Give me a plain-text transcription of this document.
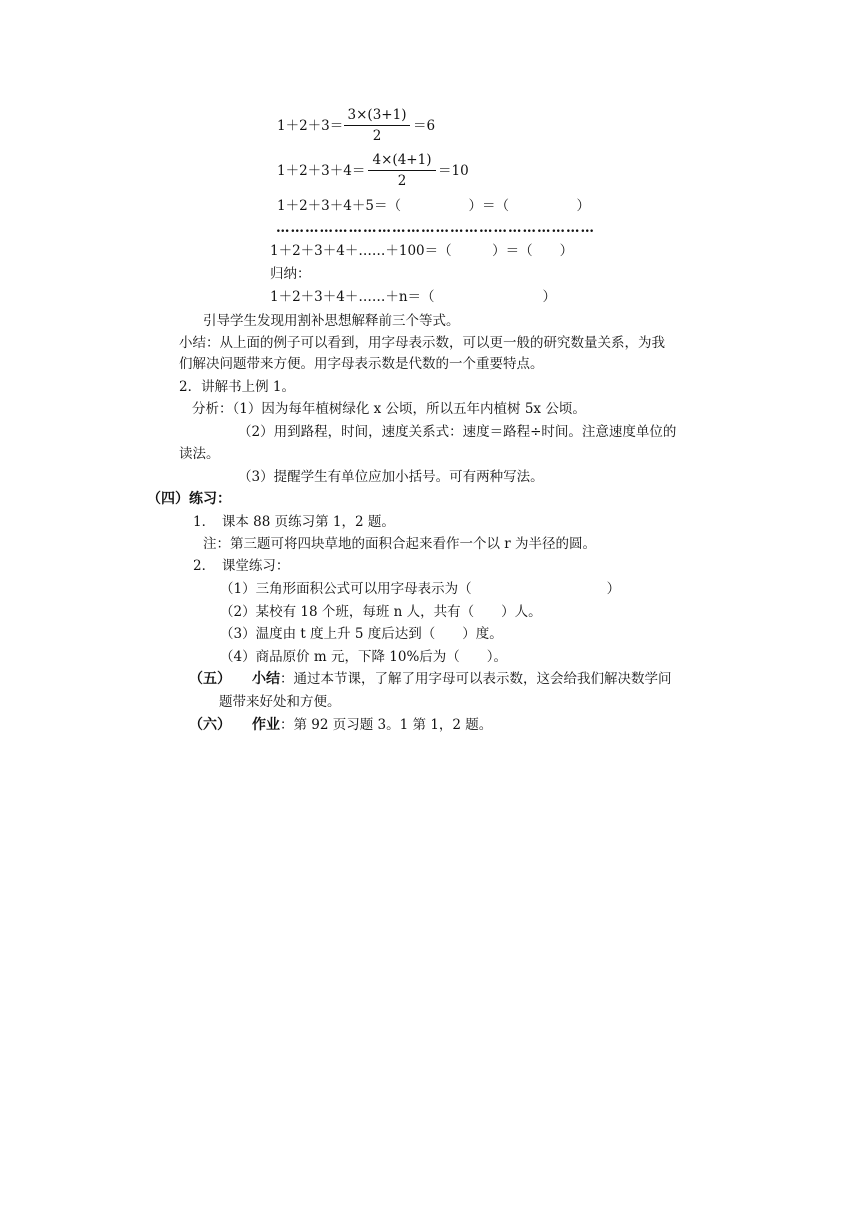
1＋2＋3＝
3×(3+1)
2
＝6
1＋2＋3＋4＝
4×(4+1)
2
＝10
1＋2＋3＋4＋5＝（　　　　　）＝（　　　　　）
…………………………………………………………
1＋2＋3＋4＋……＋100＝（　　　）＝（　　）
归纳：
1＋2＋3＋4＋……＋n＝（　　　　　　　　）
引导学生发现用割补思想解释前三个等式。
小结：从上面的例子可以看到，用字母表示数，可以更一般的研究数量关系，为我
们解决问题带来方便。用字母表示数是代数的一个重要特点。
2．讲解书上例 1。
分析：（1）因为每年植树绿化 x 公顷，所以五年内植树 5x 公顷。
（2）用到路程，时间，速度关系式：速度＝路程÷时间。注意速度单位的
读法。
（3）提醒学生有单位应加小括号。可有两种写法。
（四）练习：
1．　课本 88 页练习第 1，2 题。
注：第三题可将四块草地的面积合起来看作一个以 r 为半径的圆。
2．　课堂练习：
（1）三角形面积公式可以用字母表示为（　　　　　　　　　　）
（2）某校有 18 个班，每班 n 人，共有（　　）人。
（3）温度由 t 度上升 5 度后达到（　　）度。
（4）商品原价 m 元，下降 10%后为（　　）。
（五） 小结：通过本节课，了解了用字母可以表示数，这会给我们解决数学问
题带来好处和方便。
（六） 作业：第 92 页习题 3。1 第 1，2 题。
